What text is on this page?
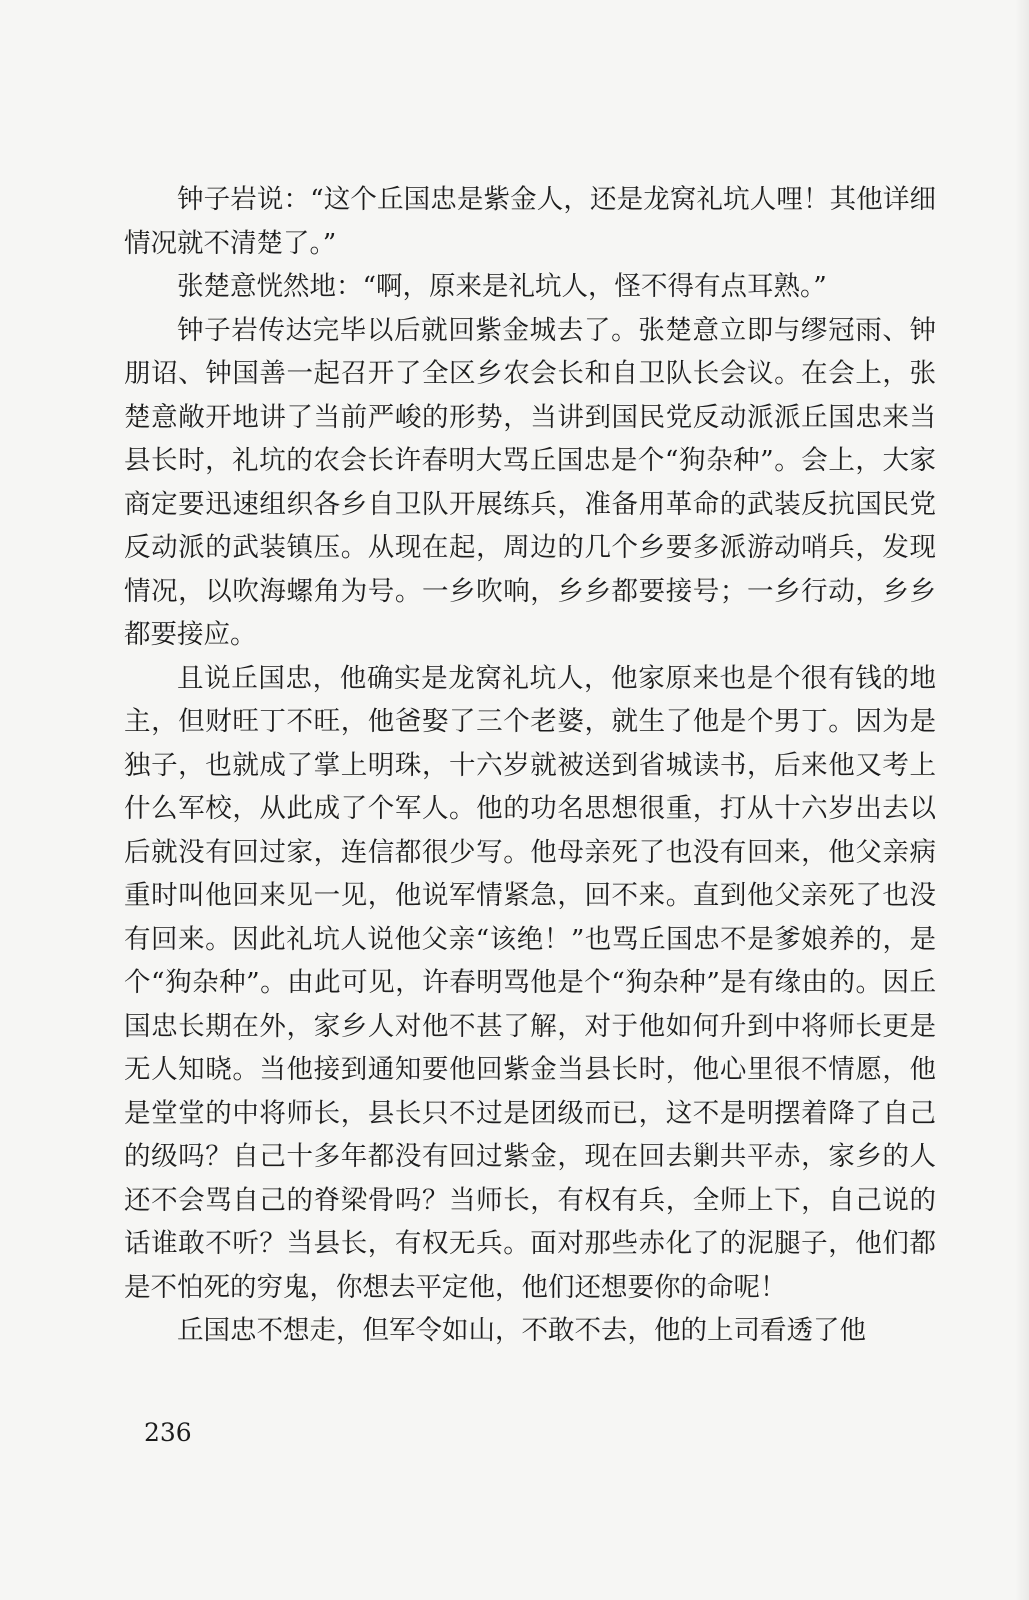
钟子岩说：“这个丘国忠是紫金人，还是龙窝礼坑人哩！其他详细情况就不清楚了。”

张楚意恍然地：“啊，原来是礼坑人，怪不得有点耳熟。”

钟子岩传达完毕以后就回紫金城去了。张楚意立即与缪冠雨、钟朋诏、钟国善一起召开了全区乡农会长和自卫队长会议。在会上，张楚意敞开地讲了当前严峻的形势，当讲到国民党反动派派丘国忠来当县长时，礼坑的农会长许春明大骂丘国忠是个“狗杂种”。会上，大家商定要迅速组织各乡自卫队开展练兵，准备用革命的武装反抗国民党反动派的武装镇压。从现在起，周边的几个乡要多派游动哨兵，发现情况，以吹海螺角为号。一乡吹响，乡乡都要接号；一乡行动，乡乡都要接应。

且说丘国忠，他确实是龙窝礼坑人，他家原来也是个很有钱的地主，但财旺丁不旺，他爸娶了三个老婆，就生了他是个男丁。因为是独子，也就成了掌上明珠，十六岁就被送到省城读书，后来他又考上什么军校，从此成了个军人。他的功名思想很重，打从十六岁出去以后就没有回过家，连信都很少写。他母亲死了也没有回来，他父亲病重时叫他回来见一见，他说军情紧急，回不来。直到他父亲死了也没有回来。因此礼坑人说他父亲“该绝！”也骂丘国忠不是爹娘养的，是个“狗杂种”。由此可见，许春明骂他是个“狗杂种”是有缘由的。因丘国忠长期在外，家乡人对他不甚了解，对于他如何升到中将师长更是无人知晓。当他接到通知要他回紫金当县长时，他心里很不情愿，他是堂堂的中将师长，县长只不过是团级而已，这不是明摆着降了自己的级吗？自己十多年都没有回过紫金，现在回去剿共平赤，家乡的人还不会骂自己的脊梁骨吗？当师长，有权有兵，全师上下，自己说的话谁敢不听？当县长，有权无兵。面对那些赤化了的泥腿子，他们都是不怕死的穷鬼，你想去平定他，他们还想要你的命呢！

丘国忠不想走，但军令如山，不敢不去，他的上司看透了他

236
